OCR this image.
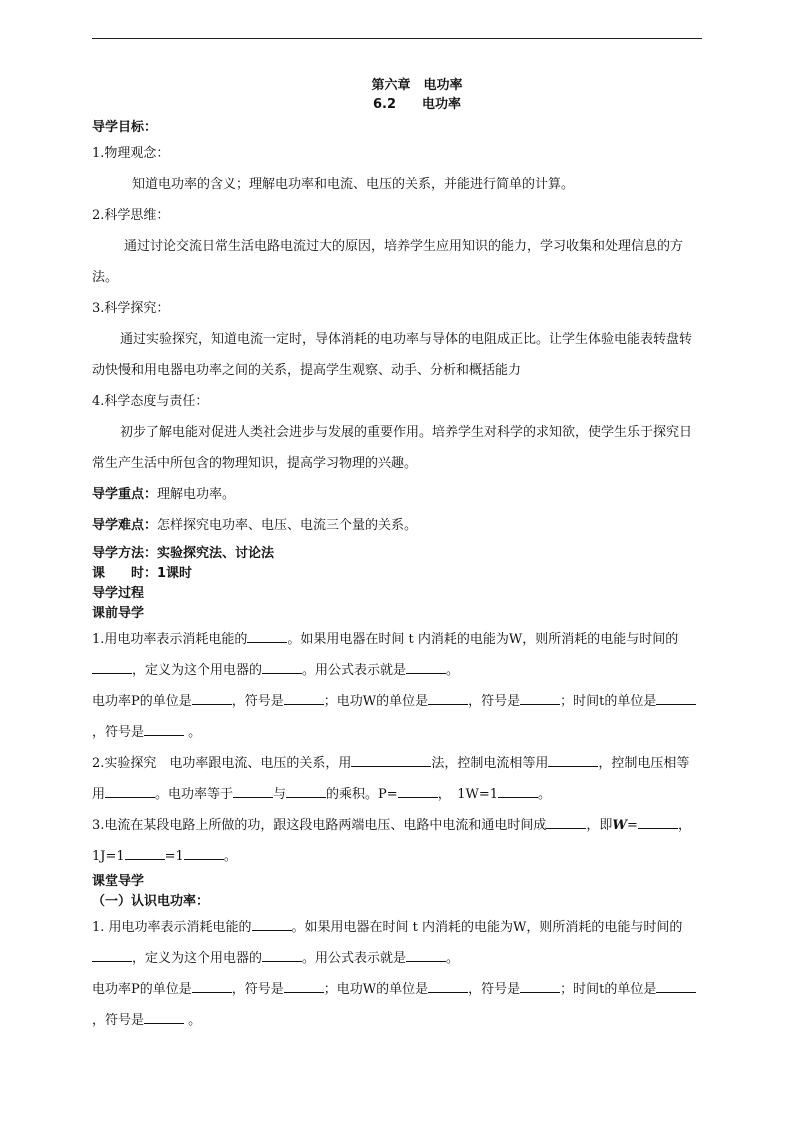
第六章　电功率
6.2　　电功率
导学目标：
1.物理观念：
知道电功率的含义；理解电功率和电流、电压的关系，并能进行简单的计算。
2.科学思维：
通过讨论交流日常生活电路电流过大的原因，培养学生应用知识的能力，学习收集和处理信息的方法。
3.科学探究：
通过实验探究，知道电流一定时，导体消耗的电功率与导体的电阻成正比。让学生体验电能表转盘转动快慢和用电器电功率之间的关系，提高学生观察、动手、分析和概括能力
4.科学态度与责任：
初步了解电能对促进人类社会进步与发展的重要作用。培养学生对科学的求知欲，使学生乐于探究日常生产生活中所包含的物理知识，提高学习物理的兴趣。
导学重点：理解电功率。
导学难点：怎样探究电功率、电压、电流三个量的关系。
导学方法：实验探究法、讨论法
课　　时：1课时
导学过程
课前导学
1.用电功率表示消耗电能的	。如果用电器在时间 t 内消耗的电能为W，则所消耗的电能与时间的，定义为这个用电器的	。用公式表示就是	。
电功率P的单位是	，符号是	；电功W的单位是	，符号是	；时间t的单位是，符号是	。
2.实验探究　电功率跟电流、电压的关系，用	法，控制电流相等用	，控制电压相等用	。电功率等于	与	的乘积。P=	，　1W=1	。
3.电流在某段电路上所做的功，跟这段电路两端电压、电路中电流和通电时间成	，即W=	，1J=1	=1	。
课堂导学
（一）认识电功率：
1. 用电功率表示消耗电能的	。如果用电器在时间 t 内消耗的电能为W，则所消耗的电能与时间的，定义为这个用电器的	。用公式表示就是	。
电功率P的单位是	，符号是	；电功W的单位是	，符号是	；时间t的单位是，符号是	。
